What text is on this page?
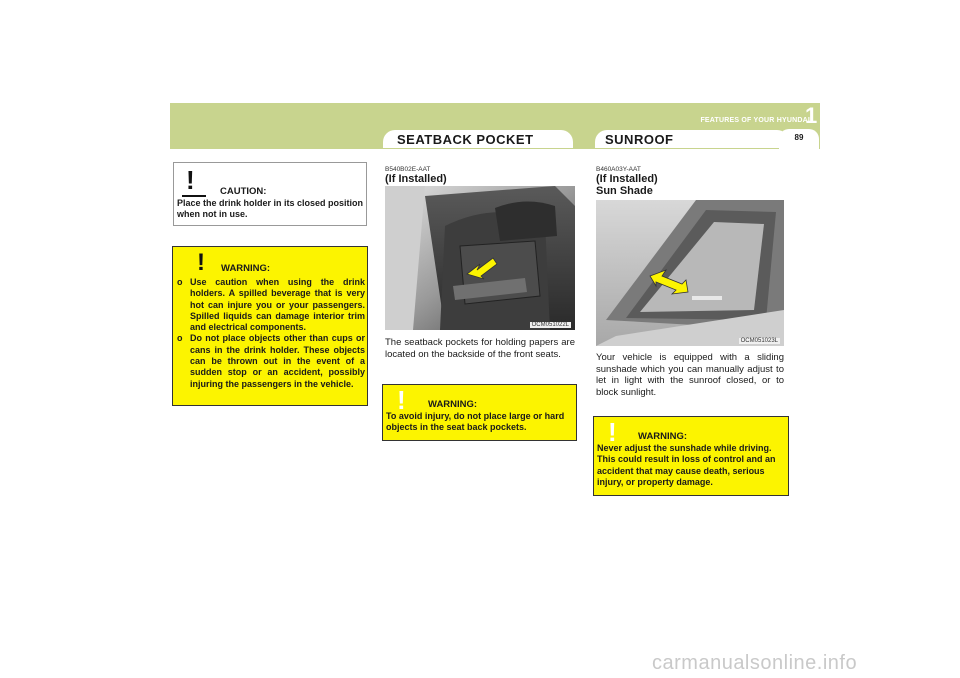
FEATURES OF YOUR HYUNDAI
1
89
SEATBACK POCKET	SUNROOF
!	CAUTION:
Place the drink holder in its closed position when not in use.
! WARNING:
o Use caution when using the drink holders. A spilled beverage that is very hot can injure you or your passengers. Spilled liquids can damage interior trim and electrical components.
o Do not place objects other than cups or cans in the drink holder. These objects can be thrown out in the event of a sudden stop or an accident, possibly injuring the passengers in the vehicle.
B540B02E-AAT
(If Installed)
OCM051022L
The seatback pockets for holding papers are located on the backside of the front seats.
! WARNING:
To avoid injury, do not place large or hard objects in the seat back pockets.
B460A03Y-AAT
(If Installed)
Sun Shade
OCM051023L
Your vehicle is equipped with a sliding sunshade which you can manually adjust to let in light with the sunroof closed, or to block sunlight.
! WARNING:
Never adjust the sunshade while driving. This could result in loss of control and an accident that may cause death, serious injury, or property damage.
carmanualsonline.info
